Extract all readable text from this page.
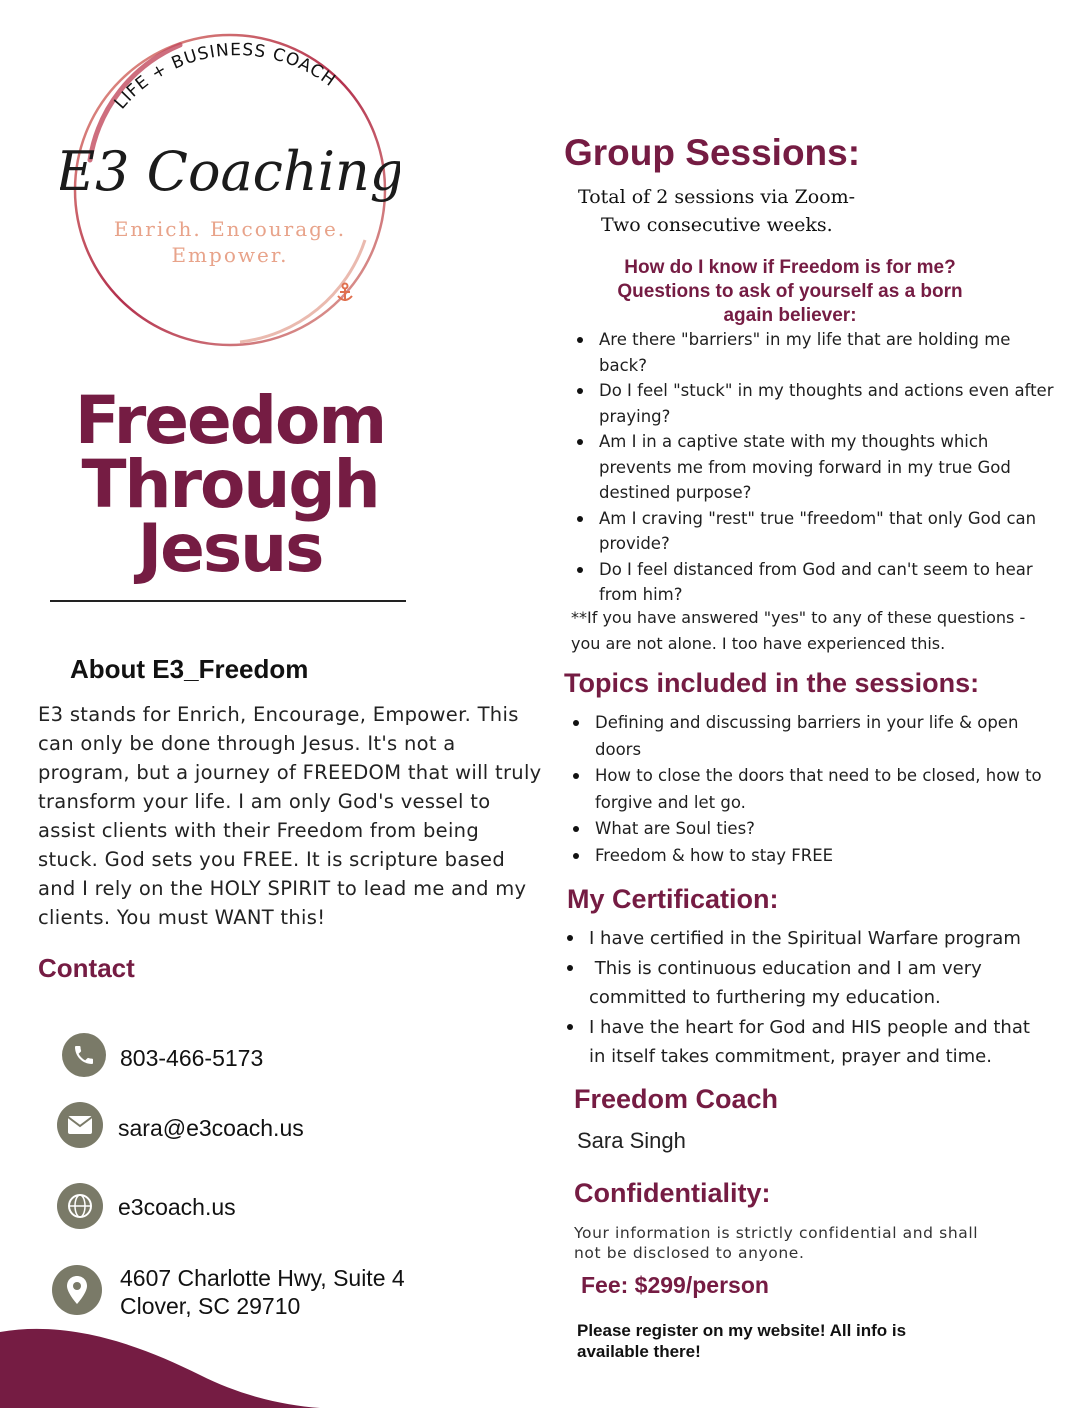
LIFE + BUSINESS COACH
E3 Coaching
Enrich. Encourage.
Empower.
Freedom
Through
Jesus
About E3_Freedom
E3 stands for Enrich, Encourage, Empower. This
can only be done through Jesus. It's not a
program, but a journey of FREEDOM that will truly
transform your life. I am only God's vessel to
assist clients with their Freedom from being
stuck. God sets you FREE. It is scripture based
and I rely on the HOLY SPIRIT to lead me and my
clients. You must WANT this!
Contact
803-466-5173
sara@e3coach.us
e3coach.us
4607 Charlotte Hwy, Suite 4
Clover, SC 29710
Group Sessions:
Total of 2 sessions via Zoom-
Two consecutive weeks.
How do I know if Freedom is for me?
Questions to ask of yourself as a born
again believer:
Are there "barriers" in my life that are holding me
back?
Do I feel "stuck" in my thoughts and actions even after
praying?
Am I in a captive state with my thoughts which
prevents me from moving forward in my true God
destined purpose?
Am I craving "rest" true "freedom" that only God can
provide?
Do I feel distanced from God and can't seem to hear
from him?
**If you have answered "yes" to any of these questions -
you are not alone. I too have experienced this.
Topics included in the sessions:
Defining and discussing barriers in your life & open
doors
How to close the doors that need to be closed, how to
forgive and let go.
What are Soul ties?
Freedom & how to stay FREE
My Certification:
I have certified in the Spiritual Warfare program
This is continuous education and I am very
committed to furthering my education.
I have the heart for God and HIS people and that
in itself takes commitment, prayer and time.
Freedom Coach
Sara Singh
Confidentiality:
Your information is strictly confidential and shall
not be disclosed to anyone.
Fee: $299/person
Please register on my website! All info is
available there!
